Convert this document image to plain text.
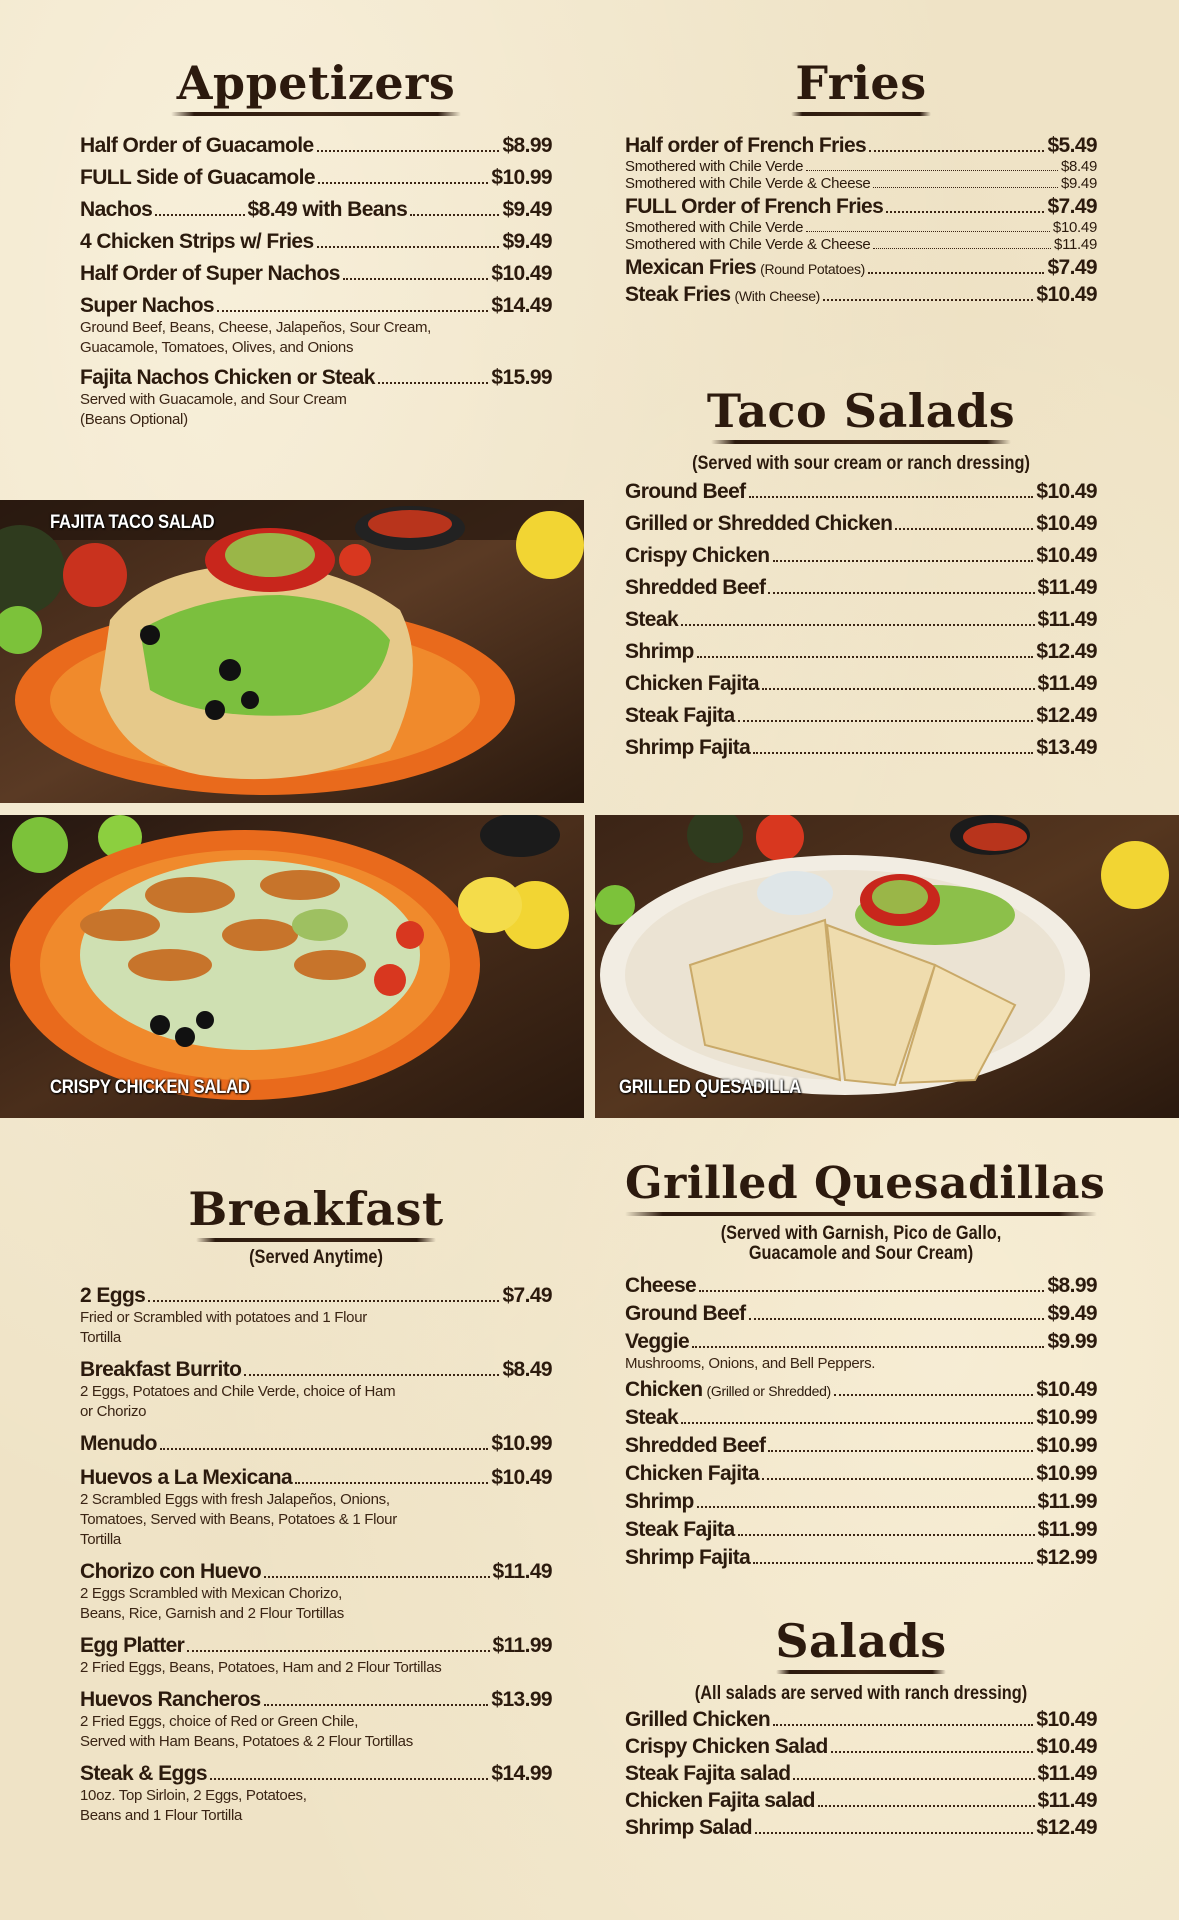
Appetizers
Half Order of Guacamole	$8.99
FULL Side of Guacamole	$10.99
Nachos	$8.49 with Beans	$9.49
4 Chicken Strips w/ Fries	$9.49
Half Order of Super Nachos	$10.49
Super Nachos	$14.49
Ground Beef, Beans, Cheese, Jalapeños, Sour Cream,
Guacamole, Tomatoes, Olives, and Onions
Fajita Nachos Chicken or Steak	$15.99
Served with Guacamole, and Sour Cream
(Beans Optional)
Fries
Half order of French Fries	$5.49
Smothered with Chile Verde	$8.49
Smothered with Chile Verde & Cheese	$9.49
FULL Order of French Fries	$7.49
Smothered with Chile Verde	$10.49
Smothered with Chile Verde & Cheese	$11.49
Mexican Fries (Round Potatoes)	$7.49
Steak Fries (With Cheese)	$10.49
Taco Salads
(Served with sour cream or ranch dressing)
Ground Beef	$10.49
Grilled or Shredded Chicken	$10.49
Crispy Chicken	$10.49
Shredded Beef	$11.49
Steak	$11.49
Shrimp	$12.49
Chicken Fajita	$11.49
Steak Fajita	$12.49
Shrimp Fajita	$13.49
FAJITA TACO SALAD
CRISPY CHICKEN SALAD	GRILLED QUESADILLA
Breakfast
(Served Anytime)
2 Eggs	$7.49
Fried or Scrambled with potatoes and 1 Flour
Tortilla
Breakfast Burrito	$8.49
2 Eggs, Potatoes and Chile Verde, choice of Ham
or Chorizo
Menudo	$10.99
Huevos a La Mexicana	$10.49
2 Scrambled Eggs with fresh Jalapeños, Onions,
Tomatoes, Served with Beans, Potatoes & 1 Flour
Tortilla
Chorizo con Huevo	$11.49
2 Eggs Scrambled with Mexican Chorizo,
Beans, Rice, Garnish and 2 Flour Tortillas
Egg Platter	$11.99
2 Fried Eggs, Beans, Potatoes, Ham and 2 Flour Tortillas
Huevos Rancheros	$13.99
2 Fried Eggs, choice of Red or Green Chile,
Served with Ham Beans, Potatoes & 2 Flour Tortillas
Steak & Eggs	$14.99
10oz. Top Sirloin, 2 Eggs, Potatoes,
Beans and 1 Flour Tortilla
Grilled Quesadillas
(Served with Garnish, Pico de Gallo,
Guacamole and Sour Cream)
Cheese	$8.99
Ground Beef	$9.49
Veggie	$9.99
Mushrooms, Onions, and Bell Peppers.
Chicken (Grilled or Shredded)	$10.49
Steak	$10.99
Shredded Beef	$10.99
Chicken Fajita	$10.99
Shrimp	$11.99
Steak Fajita	$11.99
Shrimp Fajita	$12.99
Salads
(All salads are served with ranch dressing)
Grilled Chicken	$10.49
Crispy Chicken Salad	$10.49
Steak Fajita salad	$11.49
Chicken Fajita salad	$11.49
Shrimp Salad	$12.49
